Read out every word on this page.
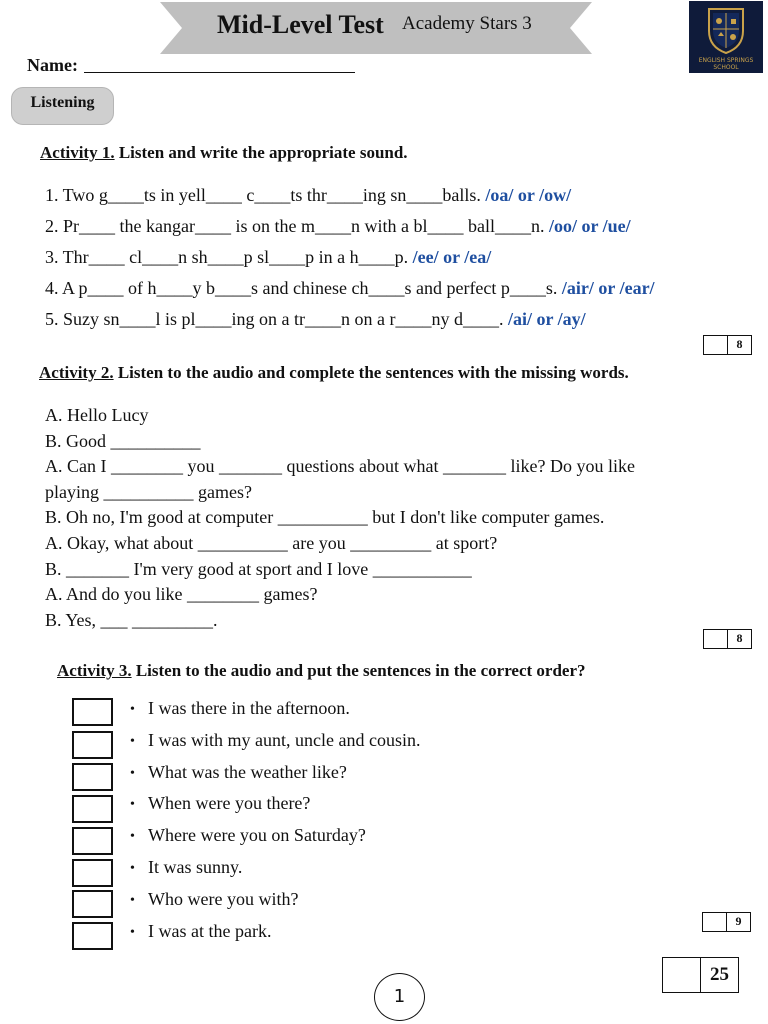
Mid-Level Test Academy Stars 3
ENGLISH SPRINGS SCHOOL
Name:
Listening
Activity 1. Listen and write the appropriate sound.
1. Two g____ts in yell____ c____ts thr____ing sn____balls. /oa/ or /ow/
2. Pr____ the kangar____ is on the m____n with a bl____ ball____n. /oo/ or /ue/
3. Thr____ cl____n sh____p sl____p in a h____p. /ee/ or /ea/
4. A p____ of h____y b____s and chinese ch____s and perfect p____s. /air/ or /ear/
5. Suzy sn____l is pl____ing on a tr____n on a r____ny d____. /ai/ or /ay/
8
Activity 2. Listen to the audio and complete the sentences with the missing words.
A. Hello Lucy
B. Good __________
A. Can I ________ you _______ questions about what _______ like? Do you like
playing __________ games?
B. Oh no, I'm good at computer __________ but I don't like computer games.
A. Okay, what about __________ are you _________ at sport?
B. _______ I'm very good at sport and I love ___________
A. And do you like ________ games?
B. Yes, ___ _________.
8
Activity 3. Listen to the audio and put the sentences in the correct order?
• I was there in the afternoon.
• I was with my aunt, uncle and cousin.
• What was the weather like?
• When were you there?
• Where were you on Saturday?
• It was sunny.
• Who were you with?
• I was at the park.	9
25
1
